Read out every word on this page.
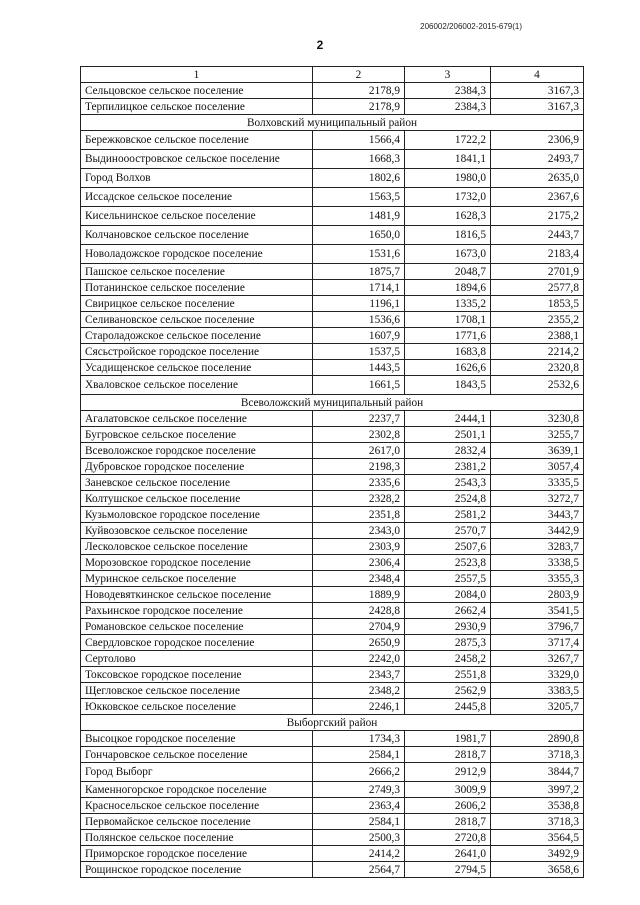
206002/206002-2015-679(1)
2
1	2	3	4
Сельцовское сельское поселение	2178,9	2384,3	3167,3
Терпилицкое сельское поселение	2178,9	2384,3	3167,3
Волховский муниципальный район			
Бережковское сельское поселение	1566,4	1722,2	2306,9
Выдинооостровское сельское поселение	1668,3	1841,1	2493,7
Город Волхов	1802,6	1980,0	2635,0
Иссадское сельское поселение	1563,5	1732,0	2367,6
Кисельнинское сельское поселение	1481,9	1628,3	2175,2
Колчановское сельское поселение	1650,0	1816,5	2443,7
Новоладожское городское поселение	1531,6	1673,0	2183,4
Пашское сельское поселение	1875,7	2048,7	2701,9
Потанинское сельское поселение	1714,1	1894,6	2577,8
Свирицкое сельское поселение	1196,1	1335,2	1853,5
Селивановское сельское поселение	1536,6	1708,1	2355,2
Староладожское сельское поселение	1607,9	1771,6	2388,1
Сясьстройское городское поселение	1537,5	1683,8	2214,2
Усадищенское сельское поселение	1443,5	1626,6	2320,8
Хваловское сельское поселение	1661,5	1843,5	2532,6
Всеволожский муниципальный район			
Агалатовское сельское поселение	2237,7	2444,1	3230,8
Бугровское сельское поселение	2302,8	2501,1	3255,7
Всеволожское городское поселение	2617,0	2832,4	3639,1
Дубровское городское поселение	2198,3	2381,2	3057,4
Заневское сельское поселение	2335,6	2543,3	3335,5
Колтушское сельское поселение	2328,2	2524,8	3272,7
Кузьмоловское городское поселение	2351,8	2581,2	3443,7
Куйвозовское сельское поселение	2343,0	2570,7	3442,9
Лесколовское сельское поселение	2303,9	2507,6	3283,7
Морозовское городское поселение	2306,4	2523,8	3338,5
Муринское сельское поселение	2348,4	2557,5	3355,3
Новодевяткинское сельское поселение	1889,9	2084,0	2803,9
Рахьинское городское поселение	2428,8	2662,4	3541,5
Романовское сельское поселение	2704,9	2930,9	3796,7
Свердловское городское поселение	2650,9	2875,3	3717,4
Сертолово	2242,0	2458,2	3267,7
Токсовское городское поселение	2343,7	2551,8	3329,0
Щегловское сельское поселение	2348,2	2562,9	3383,5
Юкковское сельское поселение	2246,1	2445,8	3205,7
Выборгский район			
Высоцкое городское поселение	1734,3	1981,7	2890,8
Гончаровское сельское поселение	2584,1	2818,7	3718,3
Город Выборг	2666,2	2912,9	3844,7
Каменногорское городское поселение	2749,3	3009,9	3997,2
Красносельское сельское поселение	2363,4	2606,2	3538,8
Первомайское сельское поселение	2584,1	2818,7	3718,3
Полянское сельское поселение	2500,3	2720,8	3564,5
Приморское городское поселение	2414,2	2641,0	3492,9
Рощинское городское поселение	2564,7	2794,5	3658,6
